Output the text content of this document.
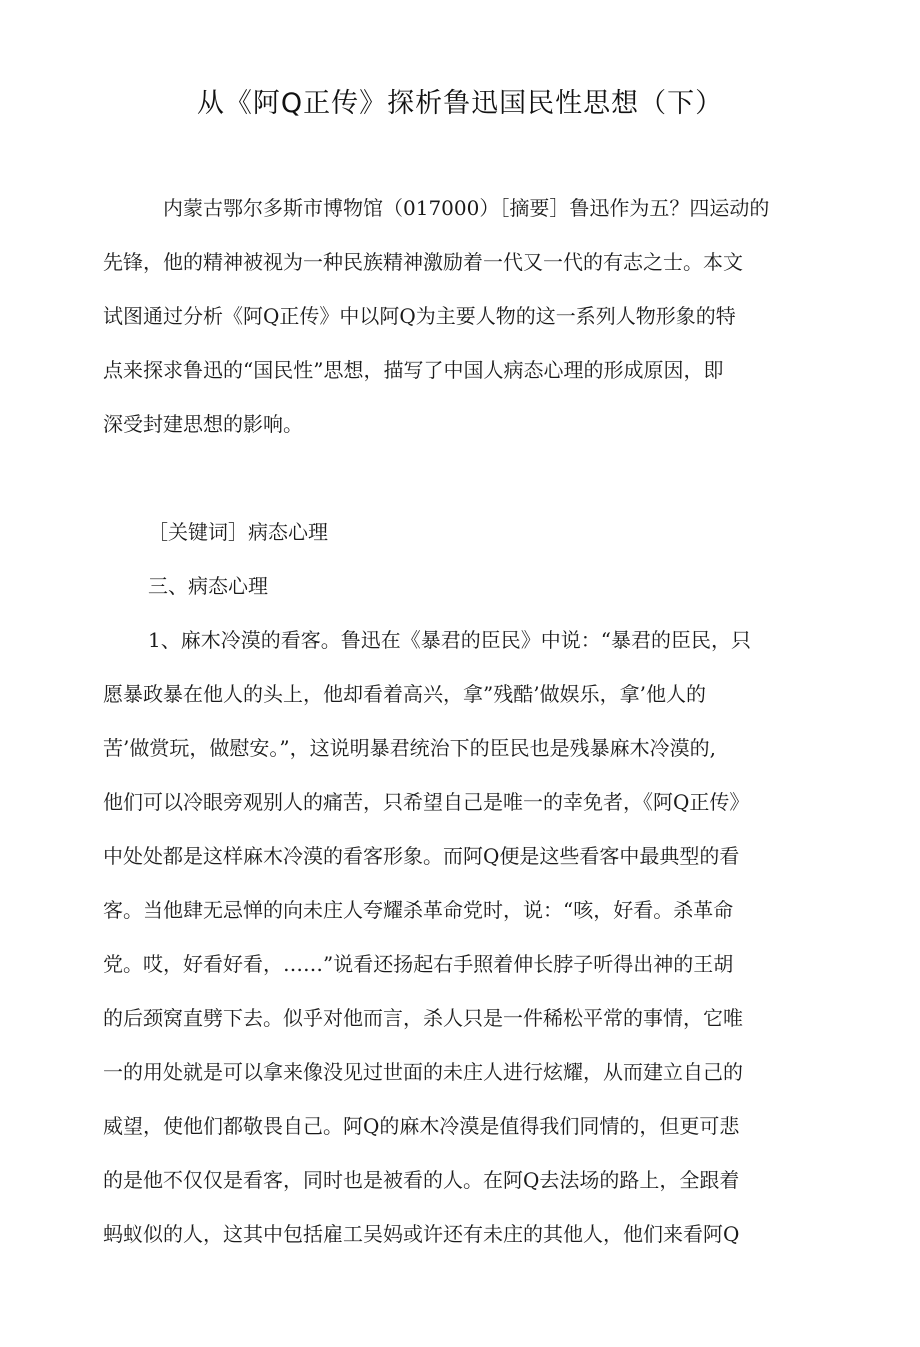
从《阿Q正传》探析鲁迅国民性思想（下）
内蒙古鄂尔多斯市博物馆（017000）［摘要］鲁迅作为五？四运动的
先锋，他的精神被视为一种民族精神激励着一代又一代的有志之士。本文
试图通过分析《阿Q正传》中以阿Q为主要人物的这一系列人物形象的特
点来探求鲁迅的“国民性”思想，描写了中国人病态心理的形成原因，即
深受封建思想的影响。
［关键词］病态心理
三、病态心理
1、麻木冷漠的看客。鲁迅在《暴君的臣民》中说：“暴君的臣民，只
愿暴政暴在他人的头上，他却看着高兴，拿”残酷’做娱乐，拿’他人的
苦’做赏玩，做慰安。”，这说明暴君统治下的臣民也是残暴麻木冷漠的,
他们可以冷眼旁观别人的痛苦，只希望自己是唯一的幸免者，《阿Q正传》
中处处都是这样麻木冷漠的看客形象。而阿Q便是这些看客中最典型的看
客。当他肆无忌惮的向未庄人夸耀杀革命党时，说：“咳，好看。杀革命
党。哎，好看好看，……”说看还扬起右手照着伸长脖子听得出神的王胡
的后颈窝直劈下去。似乎对他而言，杀人只是一件稀松平常的事情，它唯
一的用处就是可以拿来像没见过世面的未庄人进行炫耀，从而建立自己的
威望，使他们都敬畏自己。阿Q的麻木冷漠是值得我们同情的，但更可悲
的是他不仅仅是看客，同时也是被看的人。在阿Q去法场的路上，全跟着
蚂蚁似的人，这其中包括雇工吴妈或许还有未庄的其他人，他们来看阿Q
